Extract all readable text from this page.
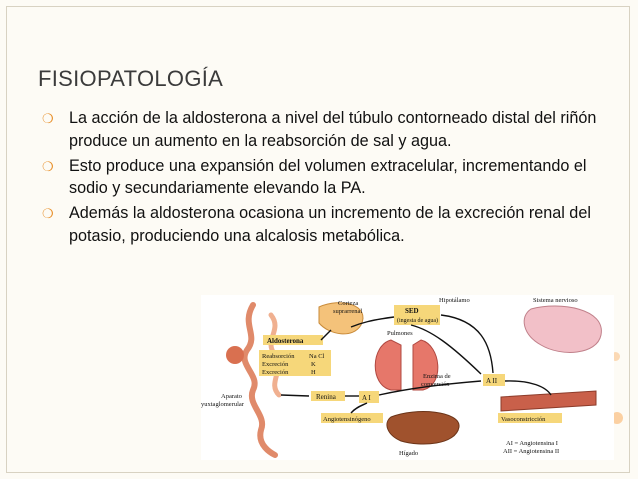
FISIOPATOLOGÍA
❍ La acción de la aldosterona a nivel del túbulo contorneado distal del riñón produce un aumento en la reabsorción de sal y agua.
❍ Esto produce una expansión del volumen extracelular, incrementando el sodio y secundariamente elevando la PA.
❍ Además la aldosterona ocasiona un incremento de la excreción renal del potasio, produciendo una alcalosis metabólica.
Corteza
suprarrenal
Aldosterona
Reabsorción Na Cl
Excreción	K
Excreción	H
Aparato
yuxtaglomerular
Renina
Pulmones
Hipotálamo	Sistema nervioso
SED
(ingesta de agua)
Enzima de
conversión	A II
A I
Angiotensinógeno	Vasoconstricción
Hígado
AI = Angiotensina I
AII = Angiotensina II
